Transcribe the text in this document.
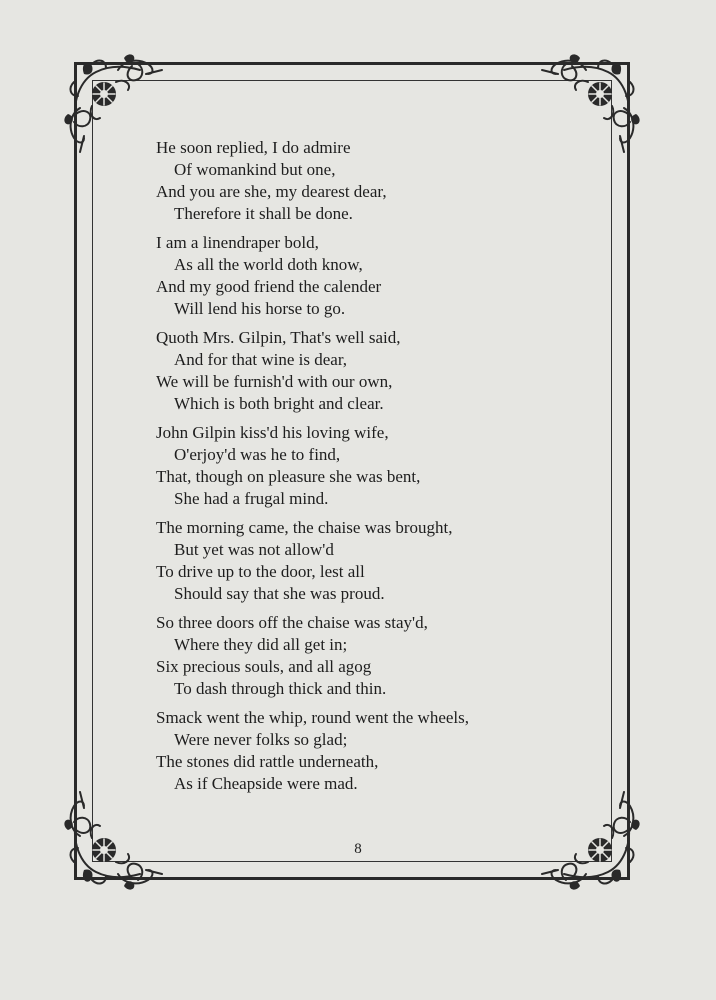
He soon replied, I do admire
Of womankind but one,
And you are she, my dearest dear,
Therefore it shall be done.
I am a linendraper bold,
As all the world doth know,
And my good friend the calender
Will lend his horse to go.
Quoth Mrs. Gilpin, That's well said,
And for that wine is dear,
We will be furnish'd with our own,
Which is both bright and clear.
John Gilpin kiss'd his loving wife,
O'erjoy'd was he to find,
That, though on pleasure she was bent,
She had a frugal mind.
The morning came, the chaise was brought,
But yet was not allow'd
To drive up to the door, lest all
Should say that she was proud.
So three doors off the chaise was stay'd,
Where they did all get in;
Six precious souls, and all agog
To dash through thick and thin.
Smack went the whip, round went the wheels,
Were never folks so glad;
The stones did rattle underneath,
As if Cheapside were mad.
8
